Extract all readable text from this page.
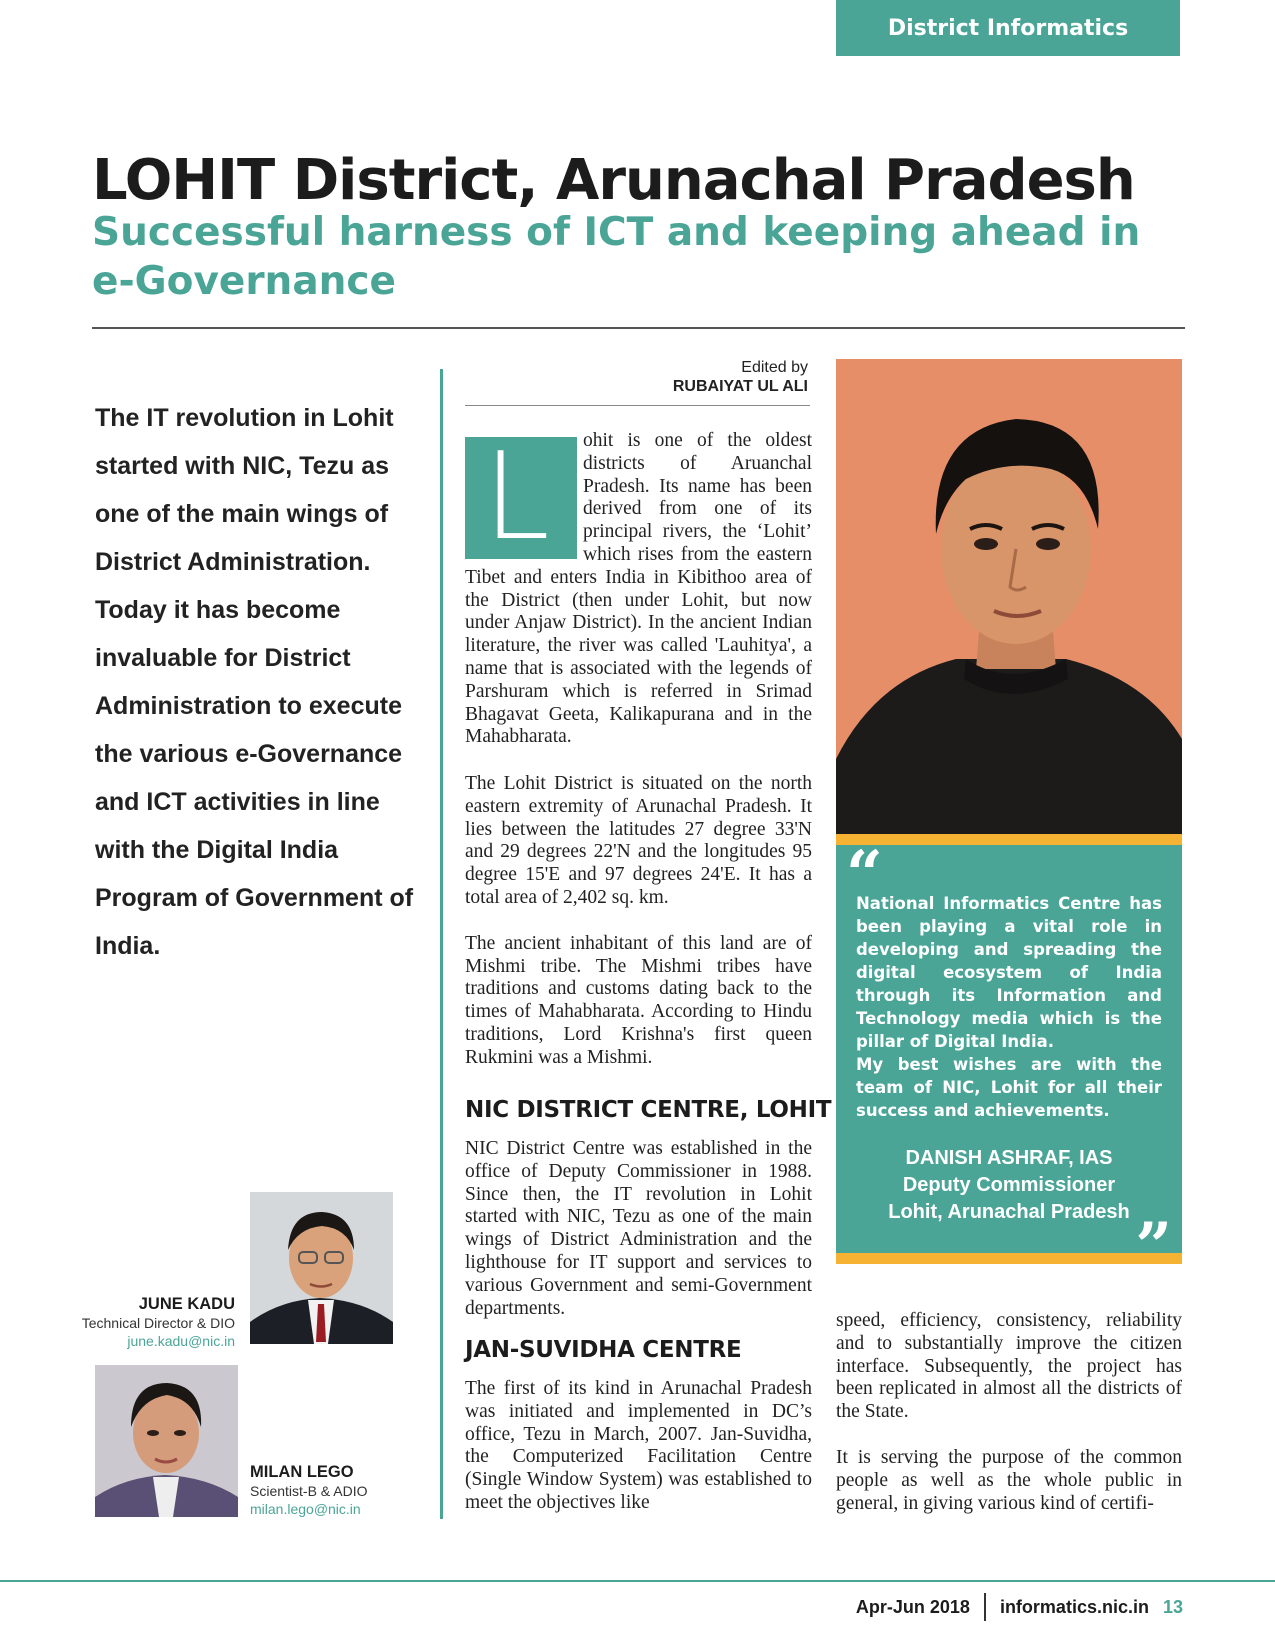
District Informatics
LOHIT District, Arunachal Pradesh
Successful harness of ICT and keeping ahead in e-Governance

The IT revolution in Lohit started with NIC, Tezu as one of the main wings of District Administration. Today it has become invaluable for District Administration to execute the various e-Governance and ICT activities in line with the Digital India Program of Government of India.

Edited by
RUBAIYAT UL ALI
L	ohit is one of the oldest districts of Aruanchal Pradesh. Its name has been derived from one of its principal rivers, the ‘Lohit’ which rises from the eastern Tibet and enters India in Kibithoo area of the District (then under Lohit, but now under Anjaw District). In the ancient Indian literature, the river was called 'Lauhitya', a name that is associated with the legends of Parshuram which is referred in Srimad Bhagavat Geeta, Kalikapurana and in the Mahabharata.

The Lohit District is situated on the north eastern extremity of Arunachal Pradesh. It lies between the latitudes 27 degree 33'N and 29 degrees 22'N and the longitudes 95 degree 15'E and 97 degrees 24'E. It has a total area of 2,402 sq. km.

The ancient inhabitant of this land are of Mishmi tribe. The Mishmi tribes have traditions and customs dating back to the times of Mahabharata. According to Hindu traditions, Lord Krishna's first queen Rukmini was a Mishmi.

NIC DISTRICT CENTRE, LOHIT

NIC District Centre was established in the office of Deputy Commissioner in 1988. Since then, the IT revolution in Lohit started with NIC, Tezu as one of the main wings of District Administration and the lighthouse for IT support and services to various Government and semi-Government departments.

JAN-SUVIDHA CENTRE

The first of its kind in Arunachal Pradesh was initiated and implemented in DC’s office, Tezu in March, 2007. Jan-Suvidha, the Computerized Facilitation Centre (Single Window System) was established to meet the objectives like

“

National Informatics Centre has been playing a vital role in developing and spreading the digital ecosystem of India through its Information and Technology media which is the pillar of Digital India.

My best wishes are with the team of NIC, Lohit for all their success and achievements.

DANISH ASHRAF, IAS
Deputy Commissioner
Lohit, Arunachal Pradesh ”

speed, efficiency, consistency, reliability and to substantially improve the citizen interface. Subsequently, the project has been replicated in almost all the districts of the State.

It is serving the purpose of the common people as well as the whole public in general, in giving various kind of certifi-

JUNE KADU
Technical Director & DIO
june.kadu@nic.in
MILAN LEGO
Scientist-B & ADIO
milan.lego@nic.in
Apr-Jun 2018 informatics.nic.in 13
